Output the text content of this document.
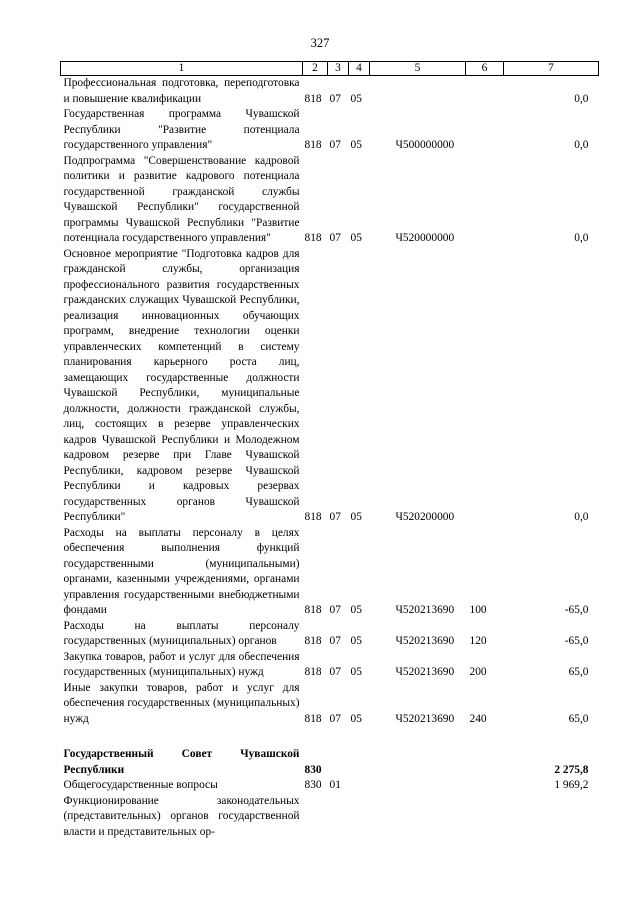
327
1	2	3	4	5	6	7
Профессиональная подготовка, переподготовка и повышение квалификации	818	07	05			0,0
Государственная программа Чувашской Республики "Развитие потенциала государственного управления"	818	07	05	Ч500000000		0,0
Подпрограмма "Совершенствование кадровой политики и развитие кадрового потенциала государственной гражданской службы Чувашской Республики" государственной программы Чувашской Республики "Развитие потенциала государственного управления"	818	07	05	Ч520000000		0,0
Основное мероприятие "Подготовка кадров для гражданской службы, организация профессионального развития государственных гражданских служащих Чувашской Республики, реализация инновационных обучающих программ, внедрение технологии оценки управленческих компетенций в систему планирования карьерного роста лиц, замещающих государственные должности Чувашской Республики, муниципальные должности, должности гражданской службы, лиц, состоящих в резерве управленческих кадров Чувашской Республики и Молодежном кадровом резерве при Главе Чувашской Республики, кадровом резерве Чувашской Республики и кадровых резервах государственных органов Чувашской Республики"	818	07	05	Ч520200000		0,0
Расходы на выплаты персоналу в целях обеспечения выполнения функций государственными (муниципальными) органами, казенными учреждениями, органами управления государственными внебюджетными фондами	818	07	05	Ч520213690	100	-65,0
Расходы на выплаты персоналу государственных (муниципальных) органов	818	07	05	Ч520213690	120	-65,0
Закупка товаров, работ и услуг для обеспечения государственных (муниципальных) нужд	818	07	05	Ч520213690	200	65,0
Иные закупки товаров, работ и услуг для обеспечения государственных (муниципальных) нужд	818	07	05	Ч520213690	240	65,0

Государственный Совет Чувашской Республики	830					2 275,8
Общегосударственные вопросы	830	01				1 969,2
Функционирование законодательных (представительных) органов государственной власти и представительных ор-						
